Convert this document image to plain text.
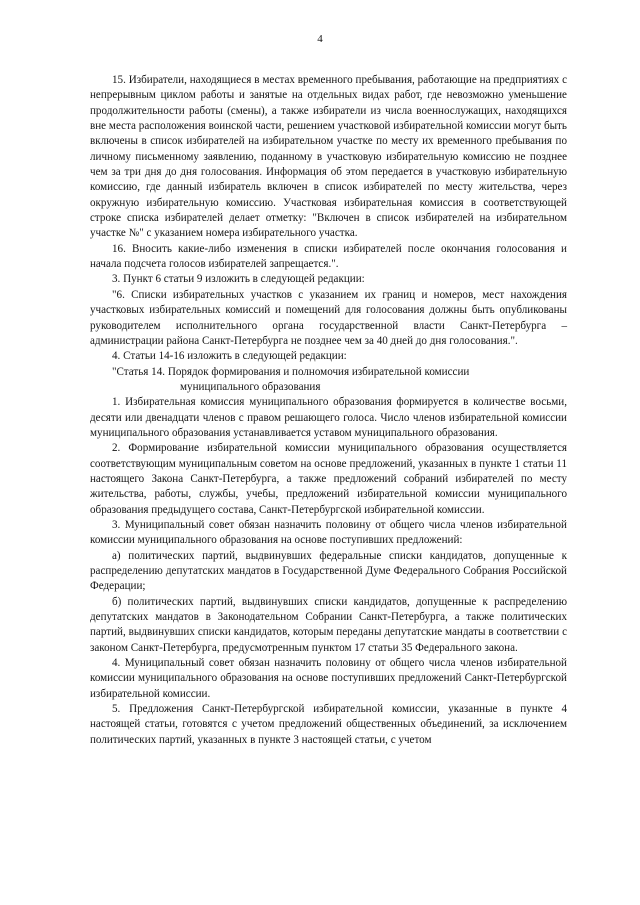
4

15. Избиратели, находящиеся в местах временного пребывания, работающие на предприятиях с непрерывным циклом работы и занятые на отдельных видах работ, где невозможно уменьшение продолжительности работы (смены), а также избиратели из числа военнослужащих, находящихся вне места расположения воинской части, решением участковой избирательной комиссии могут быть включены в список избирателей на избирательном участке по месту их временного пребывания по личному письменному заявлению, поданному в участковую избирательную комиссию не позднее чем за три дня до дня голосования. Информация об этом передается в участковую избирательную комиссию, где данный избиратель включен в список избирателей по месту жительства, через окружную избирательную комиссию. Участковая избирательная комиссия в соответствующей строке списка избирателей делает отметку: "Включен в список избирателей на избирательном участке №" с указанием номера избирательного участка.

16. Вносить какие-либо изменения в списки избирателей после окончания голосования и начала подсчета голосов избирателей запрещается.".

3. Пункт 6 статьи 9 изложить в следующей редакции:

"6. Списки избирательных участков с указанием их границ и номеров, мест нахождения участковых избирательных комиссий и помещений для голосования должны быть опубликованы руководителем исполнительного органа государственной власти Санкт-Петербурга – администрации района Санкт-Петербурга не позднее чем за 40 дней до дня голосования.".

4. Статьи 14-16 изложить в следующей редакции:

"Статья 14. Порядок формирования и полномочия избирательной комиссии
муниципального образования

1. Избирательная комиссия муниципального образования формируется в количестве восьми, десяти или двенадцати членов с правом решающего голоса. Число членов избирательной комиссии муниципального образования устанавливается уставом муниципального образования.

2. Формирование избирательной комиссии муниципального образования осуществляется соответствующим муниципальным советом на основе предложений, указанных в пункте 1 статьи 11 настоящего Закона Санкт-Петербурга, а также предложений собраний избирателей по месту жительства, работы, службы, учебы, предложений избирательной комиссии муниципального образования предыдущего состава, Санкт-Петербургской избирательной комиссии.

3. Муниципальный совет обязан назначить половину от общего числа членов избирательной комиссии муниципального образования на основе поступивших предложений:

а) политических партий, выдвинувших федеральные списки кандидатов, допущенные к распределению депутатских мандатов в Государственной Думе Федерального Собрания Российской Федерации;

б) политических партий, выдвинувших списки кандидатов, допущенные к распределению депутатских мандатов в Законодательном Собрании Санкт-Петербурга, а также политических партий, выдвинувших списки кандидатов, которым переданы депутатские мандаты в соответствии с законом Санкт-Петербурга, предусмотренным пунктом 17 статьи 35 Федерального закона.

4. Муниципальный совет обязан назначить половину от общего числа членов избирательной комиссии муниципального образования на основе поступивших предложений Санкт-Петербургской избирательной комиссии.

5. Предложения Санкт-Петербургской избирательной комиссии, указанные в пункте 4 настоящей статьи, готовятся с учетом предложений общественных объединений, за исключением политических партий, указанных в пункте 3 настоящей статьи, с учетом
